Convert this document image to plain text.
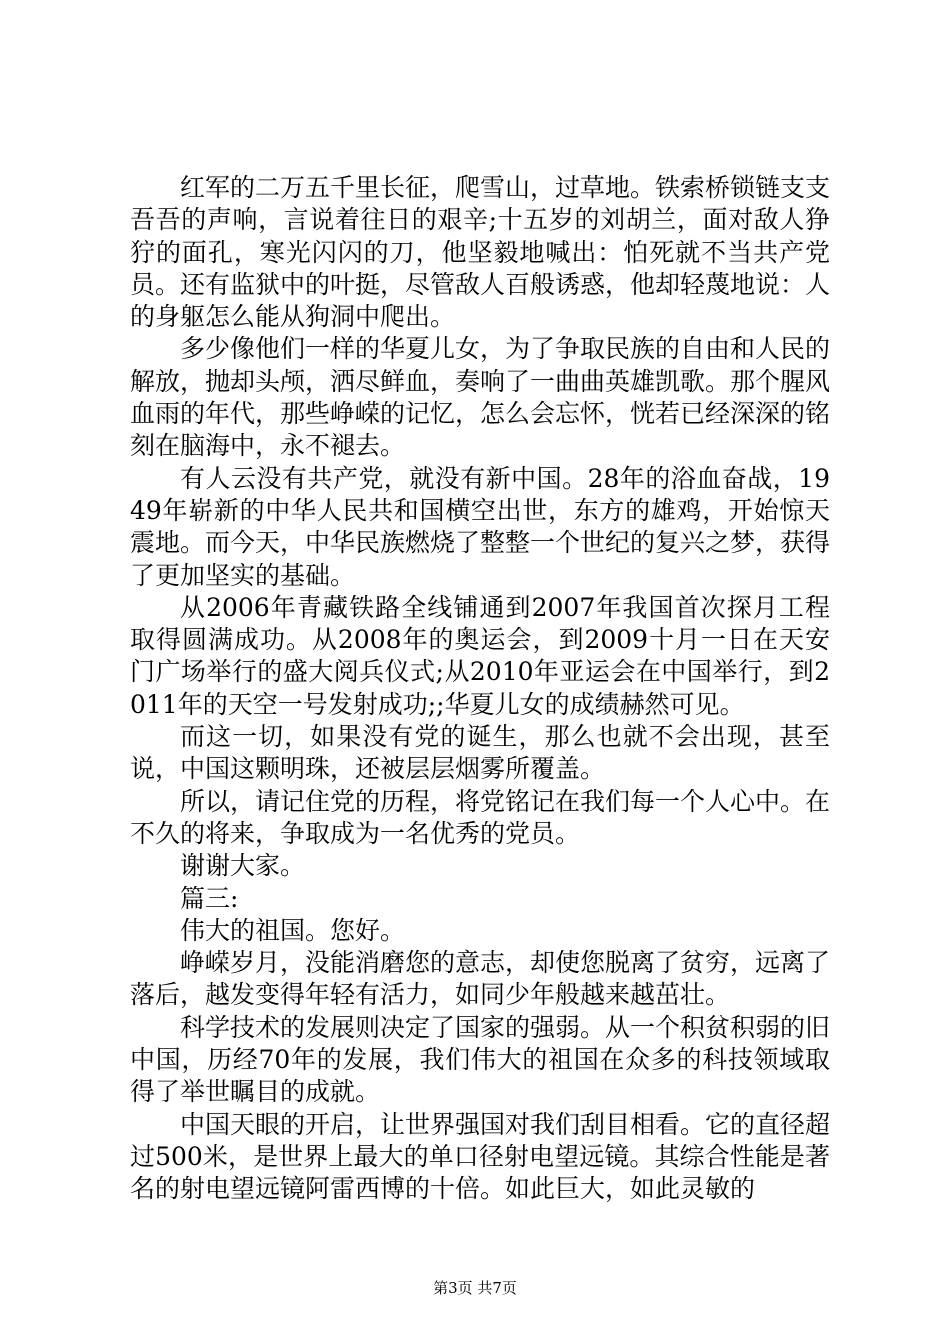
红军的二万五千里长征，爬雪山，过草地。铁索桥锁链支支吾吾的声响，言说着往日的艰辛;十五岁的刘胡兰，面对敌人狰狞的面孔，寒光闪闪的刀，他坚毅地喊出：怕死就不当共产党员。还有监狱中的叶挺，尽管敌人百般诱惑，他却轻蔑地说：人的身躯怎么能从狗洞中爬出。

多少像他们一样的华夏儿女，为了争取民族的自由和人民的解放，抛却头颅，洒尽鲜血，奏响了一曲曲英雄凯歌。那个腥风血雨的年代，那些峥嵘的记忆，怎么会忘怀，恍若已经深深的铭刻在脑海中，永不褪去。

有人云没有共产党，就没有新中国。28年的浴血奋战，1949年崭新的中华人民共和国横空出世，东方的雄鸡，开始惊天震地。而今天，中华民族燃烧了整整一个世纪的复兴之梦，获得了更加坚实的基础。

从2006年青藏铁路全线铺通到2007年我国首次探月工程取得圆满成功。从2008年的奥运会，到2009十月一日在天安门广场举行的盛大阅兵仪式;从2010年亚运会在中国举行，到2011年的天空一号发射成功;;华夏儿女的成绩赫然可见。

而这一切，如果没有党的诞生，那么也就不会出现，甚至说，中国这颗明珠，还被层层烟雾所覆盖。

所以，请记住党的历程，将党铭记在我们每一个人心中。在不久的将来，争取成为一名优秀的党员。

谢谢大家。

篇三:

伟大的祖国。您好。

峥嵘岁月，没能消磨您的意志，却使您脱离了贫穷，远离了落后，越发变得年轻有活力，如同少年般越来越茁壮。

科学技术的发展则决定了国家的强弱。从一个积贫积弱的旧中国，历经70年的发展，我们伟大的祖国在众多的科技领域取得了举世瞩目的成就。

中国天眼的开启，让世界强国对我们刮目相看。它的直径超过500米，是世界上最大的单口径射电望远镜。其综合性能是著名的射电望远镜阿雷西博的十倍。如此巨大，如此灵敏的

第3页 共7页
